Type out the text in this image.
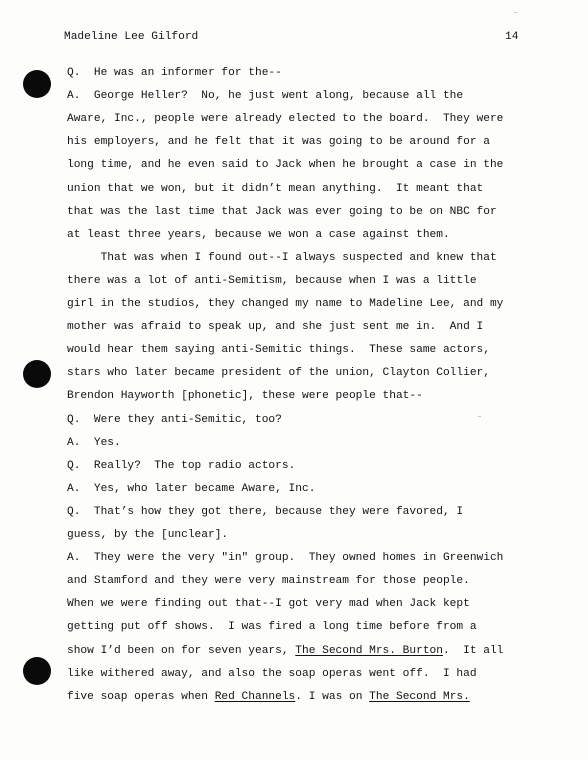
Madeline Lee Gilford	14
Q.  He was an informer for the--
A.  George Heller?  No, he just went along, because all the
Aware, Inc., people were already elected to the board.  They were
his employers, and he felt that it was going to be around for a
long time, and he even said to Jack when he brought a case in the
union that we won, but it didn’t mean anything.  It meant that
that was the last time that Jack was ever going to be on NBC for
at least three years, because we won a case against them.
That was when I found out--I always suspected and knew that
there was a lot of anti-Semitism, because when I was a little
girl in the studios, they changed my name to Madeline Lee, and my
mother was afraid to speak up, and she just sent me in.  And I
would hear them saying anti-Semitic things.  These same actors,
stars who later became president of the union, Clayton Collier,
Brendon Hayworth [phonetic], these were people that--
Q.  Were they anti-Semitic, too?
A.  Yes.
Q.  Really?  The top radio actors.
A.  Yes, who later became Aware, Inc.
Q.  That’s how they got there, because they were favored, I
guess, by the [unclear].
A.  They were the very "in" group.  They owned homes in Greenwich
and Stamford and they were very mainstream for those people.
When we were finding out that--I got very mad when Jack kept
getting put off shows.  I was fired a long time before from a
show I’d been on for seven years, The Second Mrs. Burton.  It all
like withered away, and also the soap operas went off.  I had
five soap operas when Red Channels. I was on The Second Mrs.
